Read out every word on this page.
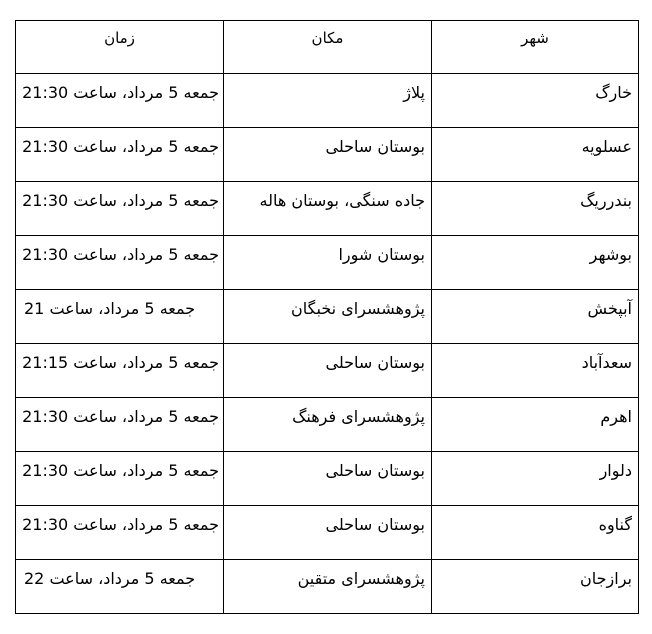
شهر	مکان	زمان
خارگ	پلاژ	جمعه 5 مرداد، ساعت 21:30
عسلویه	بوستان ساحلی	جمعه 5 مرداد، ساعت 21:30
بندرریگ	جاده سنگی، بوستان هاله	جمعه 5 مرداد، ساعت 21:30
بوشهر	بوستان شورا	جمعه 5 مرداد، ساعت 21:30
آبپخش	پژوهشسرای نخبگان	جمعه 5 مرداد، ساعت 21
سعدآباد	بوستان ساحلی	جمعه 5 مرداد، ساعت 21:15
اهرم	پژوهشسرای فرهنگ	جمعه 5 مرداد، ساعت 21:30
دلوار	بوستان ساحلی	جمعه 5 مرداد، ساعت 21:30
گناوه	بوستان ساحلی	جمعه 5 مرداد، ساعت 21:30
برازجان	پژوهشسرای متقین	جمعه 5 مرداد، ساعت 22
